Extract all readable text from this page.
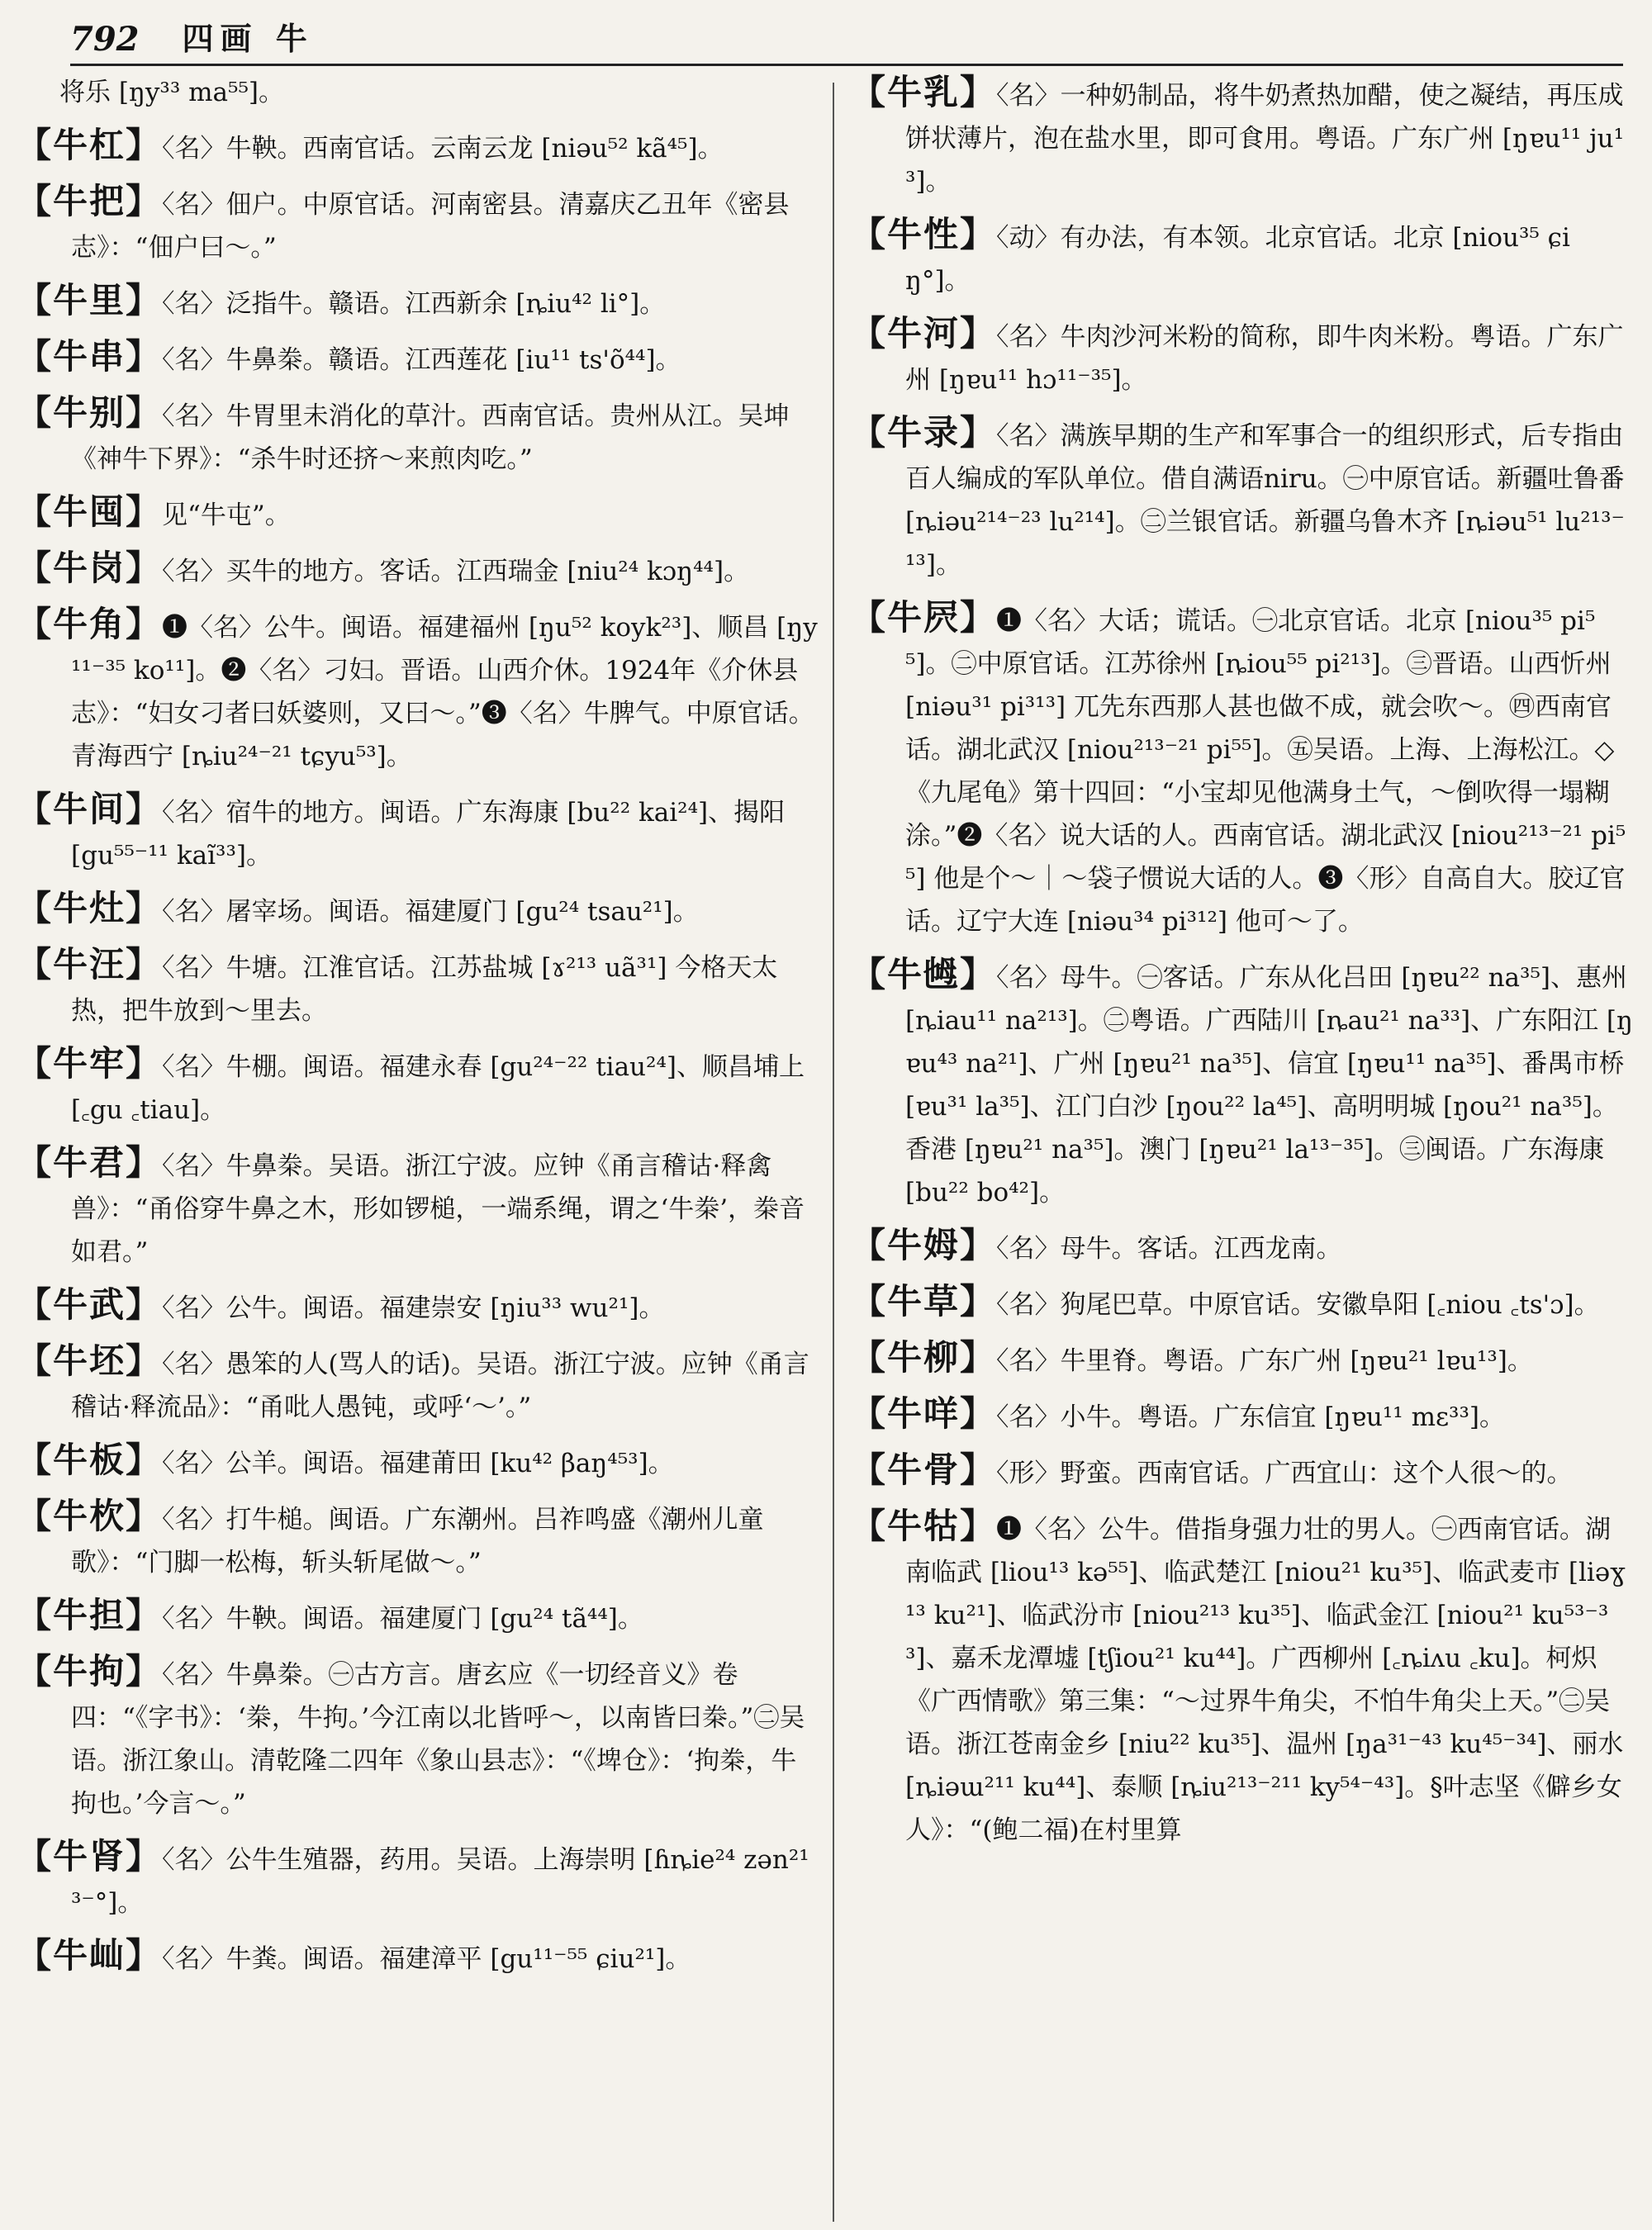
792 四画 牛

将乐 [ŋy³³ ma⁵⁵]。

【牛杠】〈名〉牛鞅。西南官话。云南云龙 [niəu⁵² kã⁴⁵]。

【牛把】〈名〉佃户。中原官话。河南密县。清嘉庆乙丑年《密县志》：“佃户曰～。”

【牛里】〈名〉泛指牛。赣语。江西新余 [ȵiu⁴² li°]。

【牛串】〈名〉牛鼻桊。赣语。江西莲花 [iu¹¹ ts'õ⁴⁴]。

【牛别】〈名〉牛胃里未消化的草汁。西南官话。贵州从江。吴坤《神牛下界》：“杀牛时还挤～来煎肉吃。”

【牛囤】见“牛屯”。

【牛岗】〈名〉买牛的地方。客话。江西瑞金 [niu²⁴ kɔŋ⁴⁴]。

【牛角】❶〈名〉公牛。闽语。福建福州 [ŋu⁵² koyk²³]、顺昌 [ŋy¹¹⁻³⁵ ko¹¹]。❷〈名〉刁妇。晋语。山西介休。1924年《介休县志》：“妇女刁者曰妖婆则，又曰～。”❸〈名〉牛脾气。中原官话。青海西宁 [ȵiu²⁴⁻²¹ tɕyu⁵³]。

【牛间】〈名〉宿牛的地方。闽语。广东海康 [bu²² kai²⁴]、揭阳 [gu⁵⁵⁻¹¹ kaĩ³³]。

【牛灶】〈名〉屠宰场。闽语。福建厦门 [gu²⁴ tsau²¹]。

【牛汪】〈名〉牛塘。江淮官话。江苏盐城 [ɤ²¹³ uã³¹] 今格天太热，把牛放到～里去。

【牛牢】〈名〉牛棚。闽语。福建永春 [gu²⁴⁻²² tiau²⁴]、顺昌埔上 [꜀gu ꜀tiau]。

【牛君】〈名〉牛鼻桊。吴语。浙江宁波。应钟《甬言稽诂·释禽兽》：“甬俗穿牛鼻之木，形如锣槌，一端系绳，谓之‘牛桊’，桊音如君。”

【牛武】〈名〉公牛。闽语。福建崇安 [ŋiu³³ wu²¹]。

【牛坯】〈名〉愚笨的人(骂人的话)。吴语。浙江宁波。应钟《甬言稽诂·释流品》：“甬吡人愚钝，或呼‘～’。”

【牛板】〈名〉公羊。闽语。福建莆田 [ku⁴² βaŋ⁴⁵³]。

【牛杴】〈名〉打牛槌。闽语。广东潮州。吕祚鸣盛《潮州儿童歌》：“门脚一松梅，斩头斩尾做～。”

【牛担】〈名〉牛鞅。闽语。福建厦门 [gu²⁴ tã⁴⁴]。

【牛拘】〈名〉牛鼻桊。㊀古方言。唐玄应《一切经音义》卷四：“《字书》：‘桊，牛拘。’今江南以北皆呼～，以南皆曰桊。”㊁吴语。浙江象山。清乾隆二四年《象山县志》：“《埤仓》：‘拘桊，牛拘也。’今言～。”

【牛肾】〈名〉公牛生殖器，药用。吴语。上海崇明 [ɦȵie²⁴ zən²¹³⁻°]。

【牛屾】〈名〉牛粪。闽语。福建漳平 [gu¹¹⁻⁵⁵ ɕiu²¹]。

【牛乳】〈名〉一种奶制品，将牛奶煮热加醋，使之凝结，再压成饼状薄片，泡在盐水里，即可食用。粤语。广东广州 [ŋɐu¹¹ ju¹³]。

【牛性】〈动〉有办法，有本领。北京官话。北京 [niou³⁵ ɕiŋ°]。

【牛河】〈名〉牛肉沙河米粉的简称，即牛肉米粉。粤语。广东广州 [ŋɐu¹¹ hɔ¹¹⁻³⁵]。

【牛录】〈名〉满族早期的生产和军事合一的组织形式，后专指由百人编成的军队单位。借自满语niru。㊀中原官话。新疆吐鲁番 [ȵiəu²¹⁴⁻²³ lu²¹⁴]。㊁兰银官话。新疆乌鲁木齐 [ȵiəu⁵¹ lu²¹³⁻¹³]。

【牛屄】❶〈名〉大话；谎话。㊀北京官话。北京 [niou³⁵ pi⁵⁵]。㊁中原官话。江苏徐州 [ȵiou⁵⁵ pi²¹³]。㊂晋语。山西忻州 [niəu³¹ pi³¹³] 兀先东西那人甚也做不成，就会吹～。㊃西南官话。湖北武汉 [niou²¹³⁻²¹ pi⁵⁵]。㊄吴语。上海、上海松江。◇《九尾龟》第十四回：“小宝却见他满身土气，～倒吹得一塌糊涂。”❷〈名〉说大话的人。西南官话。湖北武汉 [niou²¹³⁻²¹ pi⁵⁵] 他是个～｜～袋子惯说大话的人。❸〈形〉自高自大。胶辽官话。辽宁大连 [niəu³⁴ pi³¹²] 他可～了。

【牛乸】〈名〉母牛。㊀客话。广东从化吕田 [ŋɐu²² na³⁵]、惠州 [ȵiau¹¹ na²¹³]。㊁粤语。广西陆川 [ȵau²¹ na³³]、广东阳江 [ŋɐu⁴³ na²¹]、广州 [ŋɐu²¹ na³⁵]、信宜 [ŋɐu¹¹ na³⁵]、番禺市桥 [ɐu³¹ la³⁵]、江门白沙 [ŋou²² la⁴⁵]、高明明城 [ŋou²¹ na³⁵]。香港 [ŋɐu²¹ na³⁵]。澳门 [ŋɐu²¹ la¹³⁻³⁵]。㊂闽语。广东海康 [bu²² bo⁴²]。

【牛姆】〈名〉母牛。客话。江西龙南。

【牛草】〈名〉狗尾巴草。中原官话。安徽阜阳 [꜀niou ꜀ts'ɔ]。

【牛柳】〈名〉牛里脊。粤语。广东广州 [ŋɐu²¹ lɐu¹³]。

【牛咩】〈名〉小牛。粤语。广东信宜 [ŋɐu¹¹ mɛ³³]。

【牛骨】〈形〉野蛮。西南官话。广西宜山：这个人很～的。

【牛牯】❶〈名〉公牛。借指身强力壮的男人。㊀西南官话。湖南临武 [liou¹³ kə⁵⁵]、临武楚江 [niou²¹ ku³⁵]、临武麦市 [liəɣ¹³ ku²¹]、临武汾市 [niou²¹³ ku³⁵]、临武金江 [niou²¹ ku⁵³⁻³³]、嘉禾龙潭墟 [tʃiou²¹ ku⁴⁴]。广西柳州 [꜀ȵiʌu ꜀ku]。柯炽《广西情歌》第三集：“～过界牛角尖，不怕牛角尖上天。”㊁吴语。浙江苍南金乡 [niu²² ku³⁵]、温州 [ŋa³¹⁻⁴³ ku⁴⁵⁻³⁴]、丽水 [ȵiəɯ²¹¹ ku⁴⁴]、泰顺 [ȵiu²¹³⁻²¹¹ ky⁵⁴⁻⁴³]。§叶志坚《僻乡女人》：“(鲍二福)在村里算
